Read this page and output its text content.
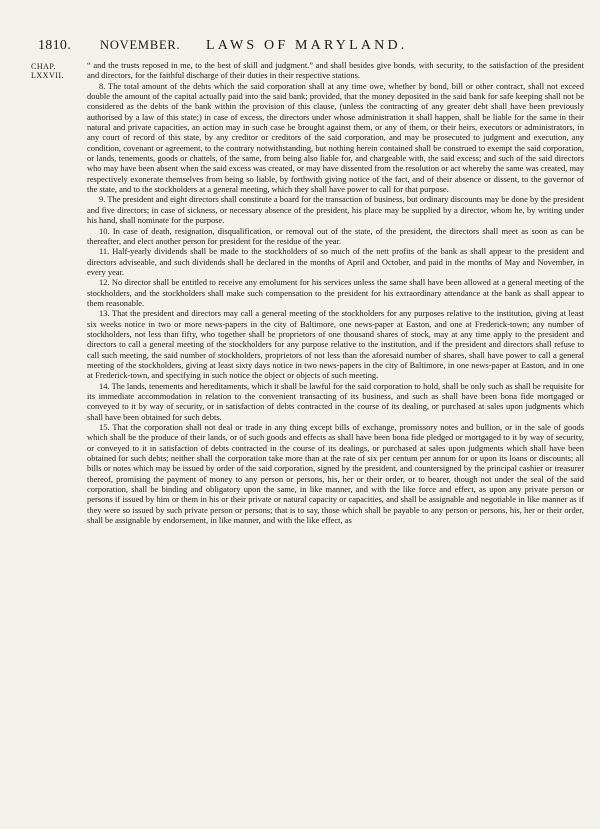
1810. NOVEMBER. LAWS OF MARYLAND.
CHAP.
LXXVII.

“ and the trusts reposed in me, to the best of skill and judgment.” and shall besides give bonds, with security, to the satisfaction of the president and directors, for the faithful discharge of their duties in their respective stations.

8. The total amount of the debts which the said corporation shall at any time owe, whether by bond, bill or other contract, shall not exceed double the amount of the capital actually paid into the said bank; provided, that the money deposited in the said bank for safe keeping shall not be considered as the debts of the bank within the provision of this clause, (unless the contracting of any greater debt shall have been previously authorised by a law of this state;) in case of excess, the directors under whose administration it shall happen, shall be liable for the same in their natural and private capacities, an action may in such case be brought against them, or any of them, or their heirs, executors or administrators, in any court of record of this state, by any creditor or creditors of the said corporation, and may be prosecuted to judgment and execution, any condition, covenant or agreement, to the contrary notwithstanding, but nothing herein contained shall be construed to exempt the said corporation, or lands, tenements, goods or chattels, of the same, from being also liable for, and chargeable with, the said excess; and such of the said directors who may have been absent when the said excess was created, or may have dissented from the resolution or act whereby the same was created, may respectively exonerate themselves from being so liable, by forthwith giving notice of the fact, and of their absence or dissent, to the governor of the state, and to the stockholders at a general meeting, which they shall have power to call for that purpose.

9. The president and eight directors shall constitute a board for the transaction of business, but ordinary discounts may be done by the president and five directors; in case of sickness, or necessary absence of the president, his place may be supplied by a director, whom he, by writing under his hand, shall nominate for the purpose.

10. In case of death, resignation, disqualification, or removal out of the state, of the president, the directors shall meet as soon as can be thereafter, and elect another person for president for the residue of the year.

11. Half-yearly dividends shall be made to the stockholders of so much of the nett profits of the bank as shall appear to the president and directors adviseable, and such dividends shall be declared in the months of April and October, and paid in the months of May and November, in every year.

12. No director shall be entitled to receive any emolument for his services unless the same shall have been allowed at a general meeting of the stockholders, and the stockholders shall make such compensation to the president for his extraordinary attendance at the bank as shall appear to them reasonable.

13. That the president and directors may call a general meeting of the stockholders for any purposes relative to the institution, giving at least six weeks notice in two or more news-papers in the city of Baltimore, one news-paper at Easton, and one at Frederick-town; any number of stockholders, not less than fifty, who together shall be proprietors of one thousand shares of stock, may at any time apply to the president and directors to call a general meeting of the stockholders for any purpose relative to the institution, and if the president and directors shall refuse to call such meeting, the said number of stockholders, proprietors of not less than the aforesaid number of shares, shall have power to call a general meeting of the stockholders, giving at least sixty days notice in two news-papers in the city of Baltimore, in one news-paper at Easton, and in one at Frederick-town, and specifying in such notice the object or objects of such meeting.

14. The lands, tenements and hereditaments, which it shall be lawful for the said corporation to hold, shall be only such as shall be requisite for its immediate accommodation in relation to the convenient transacting of its business, and such as shall have been bona fide mortgaged or conveyed to it by way of security, or in satisfaction of debts contracted in the course of its dealing, or purchased at sales upon judgments which shall have been obtained for such debts.

15. That the corporation shall not deal or trade in any thing except bills of exchange, promissory notes and bullion, or in the sale of goods which shall be the produce of their lands, or of such goods and effects as shall have been bona fide pledged or mortgaged to it by way of security, or conveyed to it in satisfaction of debts contracted in the course of its dealings, or purchased at sales upon judgments which shall have been obtained for such debts; neither shall the corporation take more than at the rate of six per centum per annum for or upon its loans or discounts; all bills or notes which may be issued by order of the said corporation, signed by the president, and countersigned by the principal cashier or treasurer thereof, promising the payment of money to any person or persons, his, her or their order, or to bearer, though not under the seal of the said corporation, shall be binding and obligatory upon the same, in like manner, and with the like force and effect, as upon any private person or persons if issued by him or them in his or their private or natural capacity or capacities, and shall be assignable and negotiable in like manner as if they were so issued by such private person or persons; that is to say, those which shall be payable to any person or persons, his, her or their order, shall be assignable by endorsement, in like manner, and with the like effect, as
